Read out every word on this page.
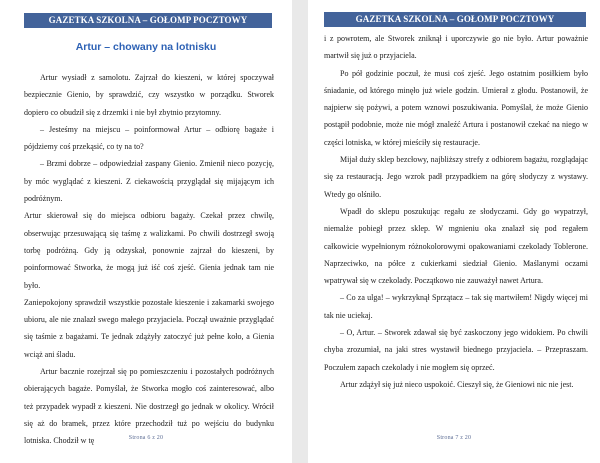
GAZETKA SZKOLNA – GOŁOMP POCZTOWY
Artur – chowany na lotnisku

Artur wysiadł z samolotu. Zajrzał do kieszeni, w której spoczywał bezpiecznie Gienio, by sprawdzić, czy wszystko w porządku. Stworek dopiero co obudził się z drzemki i nie był zbytnio przytomny.

– Jesteśmy na miejscu – poinformował Artur – odbiorę bagaże i pójdziemy coś przekąsić, co ty na to?

– Brzmi dobrze – odpowiedział zaspany Gienio. Zmienił nieco pozycję, by móc wyglądać z kieszeni. Z ciekawością przyglądał się mijającym ich podróżnym.

Artur skierował się do miejsca odbioru bagaży. Czekał przez chwilę, obserwując przesuwającą się taśmę z walizkami. Po chwili dostrzegł swoją torbę podróżną. Gdy ją odzyskał, ponownie zajrzał do kieszeni, by poinformować Stworka, że mogą już iść coś zjeść. Gienia jednak tam nie było.

Zaniepokojony sprawdził wszystkie pozostałe kieszenie i zakamarki swojego ubioru, ale nie znalazł swego małego przyjaciela. Począł uważnie przyglądać się taśmie z bagażami. Te jednak zdążyły zatoczyć już pełne koło, a Gienia wciąż ani śladu.

Artur bacznie rozejrzał się po pomieszczeniu i pozostałych podróżnych obierających bagaże. Pomyślał, że Stworka mogło coś zainteresować, albo też przypadek wypadł z kieszeni. Nie dostrzegł go jednak w okolicy. Wrócił się aż do bramek, przez które przechodził tuż po wejściu do budynku lotniska. Chodził w tę	Strona 6 z 20
GAZETKA SZKOLNA – GOŁOMP POCZTOWY

i z powrotem, ale Stworek zniknął i uporczywie go nie było. Artur poważnie martwił się już o przyjaciela.

Po pół godzinie poczuł, że musi coś zjeść. Jego ostatnim posiłkiem było śniadanie, od którego minęło już wiele godzin. Umierał z głodu. Postanowił, że najpierw się pożywi, a potem wznowi poszukiwania. Pomyślał, że może Gienio postąpił podobnie, może nie mógł znaleźć Artura i postanowił czekać na niego w części lotniska, w której mieściły się restauracje.

Mijał duży sklep bezcłowy, najbliższy strefy z odbiorem bagażu, rozglądając się za restauracją. Jego wzrok padł przypadkiem na górę słodyczy z wystawy. Wtedy go olśniło.

Wpadł do sklepu poszukując regału ze słodyczami. Gdy go wypatrzył, niemalże pobiegł przez sklep. W mgnieniu oka znalazł się pod regałem całkowicie wypełnionym różnokolorowymi opakowaniami czekolady Toblerone. Naprzeciwko, na półce z cukierkami siedział Gienio. Maślanymi oczami wpatrywał się w czekolady. Początkowo nie zauważył nawet Artura.

– Co za ulga! – wykrzyknął Sprzątacz – tak się martwiłem! Nigdy więcej mi tak nie uciekaj.

– O, Artur. – Stworek zdawał się być zaskoczony jego widokiem. Po chwili chyba zrozumiał, na jaki stres wystawił biednego przyjaciela. – Przepraszam. Poczułem zapach czekolady i nie mogłem się oprzeć.

Artur zdążył się już nieco uspokoić. Cieszył się, że Gieniowi nic nie jest.

Strona 7 z 20
